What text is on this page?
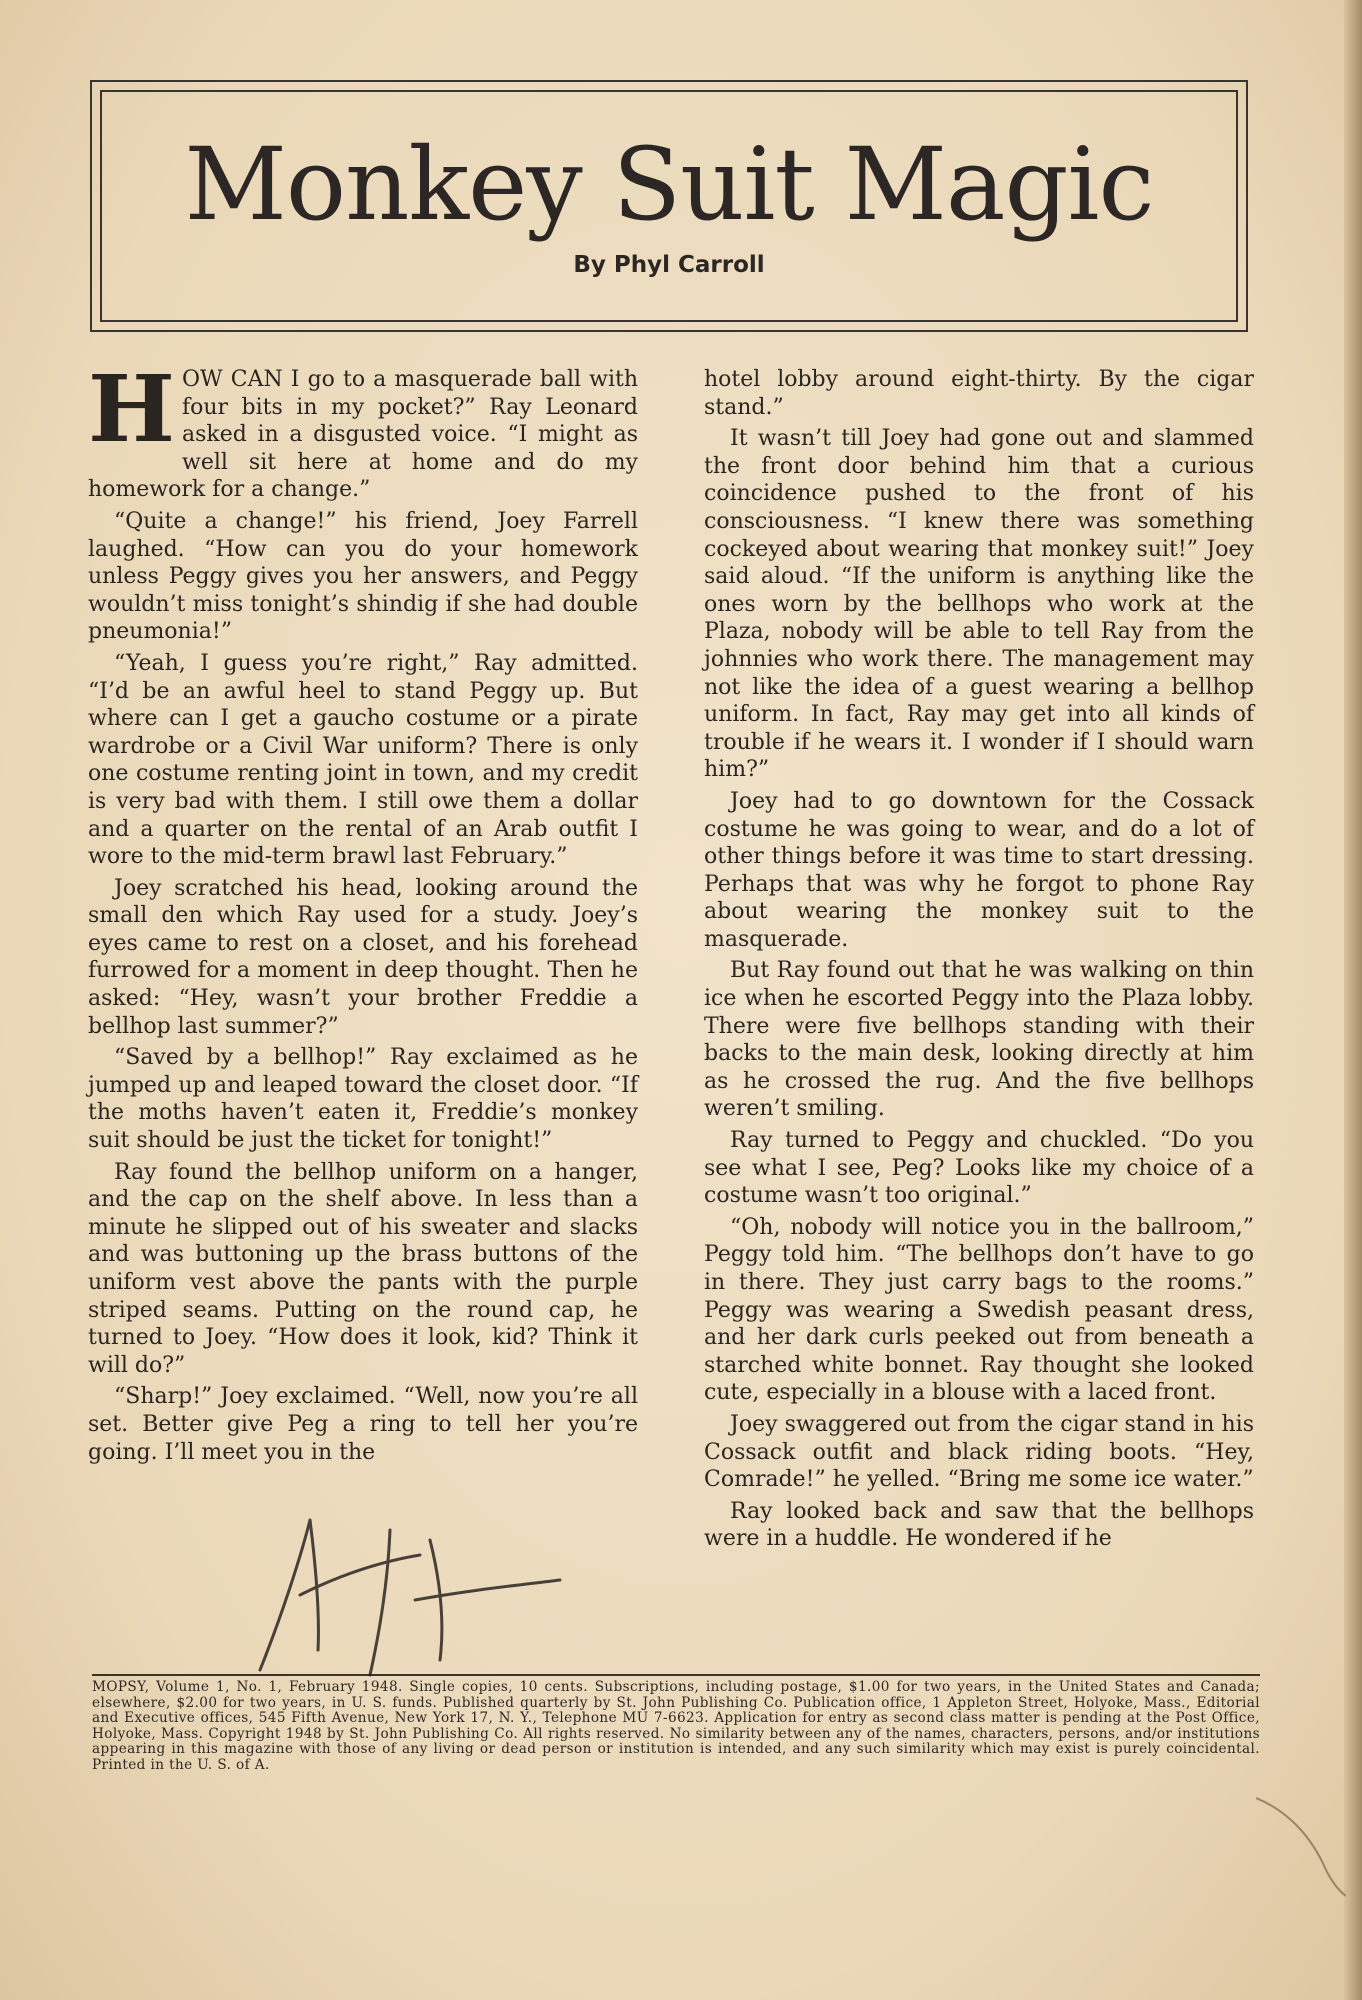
Monkey Suit Magic
By Phyl Carroll

HOW CAN I go to a masquerade ball with four bits in my pocket?” Ray Leonard asked in a disgusted voice. “I might as well sit here at home and do my homework for a change.”

“Quite a change!” his friend, Joey Farrell laughed. “How can you do your homework unless Peggy gives you her answers, and Peggy wouldn’t miss tonight’s shindig if she had double pneumonia!”

“Yeah, I guess you’re right,” Ray admitted. “I’d be an awful heel to stand Peggy up. But where can I get a gaucho costume or a pirate wardrobe or a Civil War uniform? There is only one costume renting joint in town, and my credit is very bad with them. I still owe them a dollar and a quarter on the rental of an Arab outfit I wore to the mid-term brawl last February.”

Joey scratched his head, looking around the small den which Ray used for a study. Joey’s eyes came to rest on a closet, and his forehead furrowed for a moment in deep thought. Then he asked: “Hey, wasn’t your brother Freddie a bellhop last summer?”

“Saved by a bellhop!” Ray exclaimed as he jumped up and leaped toward the closet door. “If the moths haven’t eaten it, Freddie’s monkey suit should be just the ticket for tonight!”

Ray found the bellhop uniform on a hanger, and the cap on the shelf above. In less than a minute he slipped out of his sweater and slacks and was buttoning up the brass buttons of the uniform vest above the pants with the purple striped seams. Putting on the round cap, he turned to Joey. “How does it look, kid? Think it will do?”

“Sharp!” Joey exclaimed. “Well, now you’re all set. Better give Peg a ring to tell her you’re going. I’ll meet you in the

hotel lobby around eight-thirty. By the cigar stand.”

It wasn’t till Joey had gone out and slammed the front door behind him that a curious coincidence pushed to the front of his consciousness. “I knew there was something cockeyed about wearing that monkey suit!” Joey said aloud. “If the uniform is anything like the ones worn by the bellhops who work at the Plaza, nobody will be able to tell Ray from the johnnies who work there. The management may not like the idea of a guest wearing a bellhop uniform. In fact, Ray may get into all kinds of trouble if he wears it. I wonder if I should warn him?”

Joey had to go downtown for the Cossack costume he was going to wear, and do a lot of other things before it was time to start dressing. Perhaps that was why he forgot to phone Ray about wearing the monkey suit to the masquerade.

But Ray found out that he was walking on thin ice when he escorted Peggy into the Plaza lobby. There were five bellhops standing with their backs to the main desk, looking directly at him as he crossed the rug. And the five bellhops weren’t smiling.

Ray turned to Peggy and chuckled. “Do you see what I see, Peg? Looks like my choice of a costume wasn’t too original.”

“Oh, nobody will notice you in the ballroom,” Peggy told him. “The bellhops don’t have to go in there. They just carry bags to the rooms.” Peggy was wearing a Swedish peasant dress, and her dark curls peeked out from beneath a starched white bonnet. Ray thought she looked cute, especially in a blouse with a laced front.

Joey swaggered out from the cigar stand in his Cossack outfit and black riding boots. “Hey, Comrade!” he yelled. “Bring me some ice water.”

Ray looked back and saw that the bellhops were in a huddle. He wondered if he

MOPSY, Volume 1, No. 1, February 1948. Single copies, 10 cents. Subscriptions, including postage, $1.00 for two years, in the United States and Canada; elsewhere, $2.00 for two years, in U. S. funds. Published quarterly by St. John Publishing Co. Publication office, 1 Appleton Street, Holyoke, Mass., Editorial and Executive offices, 545 Fifth Avenue, New York 17, N. Y., Telephone MU 7-6623. Application for entry as second class matter is pending at the Post Office, Holyoke, Mass. Copyright 1948 by St. John Publishing Co. All rights reserved. No similarity between any of the names, characters, persons, and/or institutions appearing in this magazine with those of any living or dead person or institution is intended, and any such similarity which may exist is purely coincidental. Printed in the U. S. of A.
